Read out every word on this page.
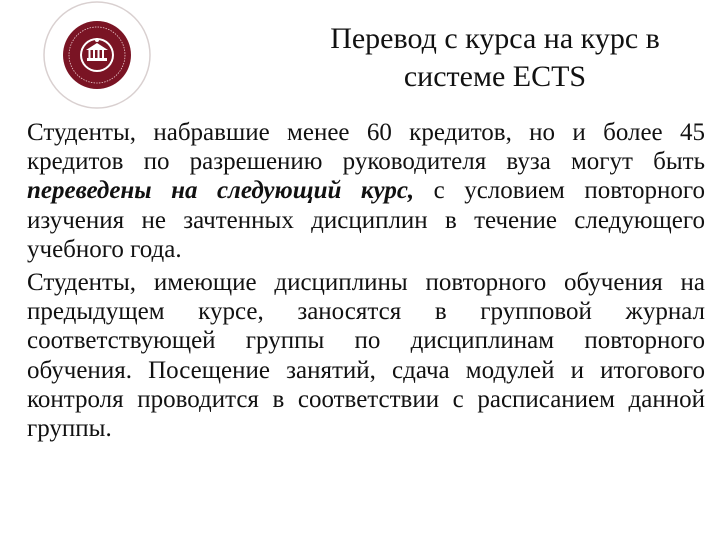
Перевод с курса на курс в
системе ECTS

Студенты, набравшие менее 60 кредитов, но и более 45 кредитов по разрешению руководителя вуза могут быть переведены на следующий курс, с условием повторного изучения не зачтенных дисциплин в течение следующего учебного года.

Студенты, имеющие дисциплины повторного обучения на предыдущем курсе, заносятся в групповой журнал соответствующей группы по дисциплинам повторного обучения. Посещение занятий, сдача модулей и итогового контроля проводится в соответствии с расписанием данной группы.
